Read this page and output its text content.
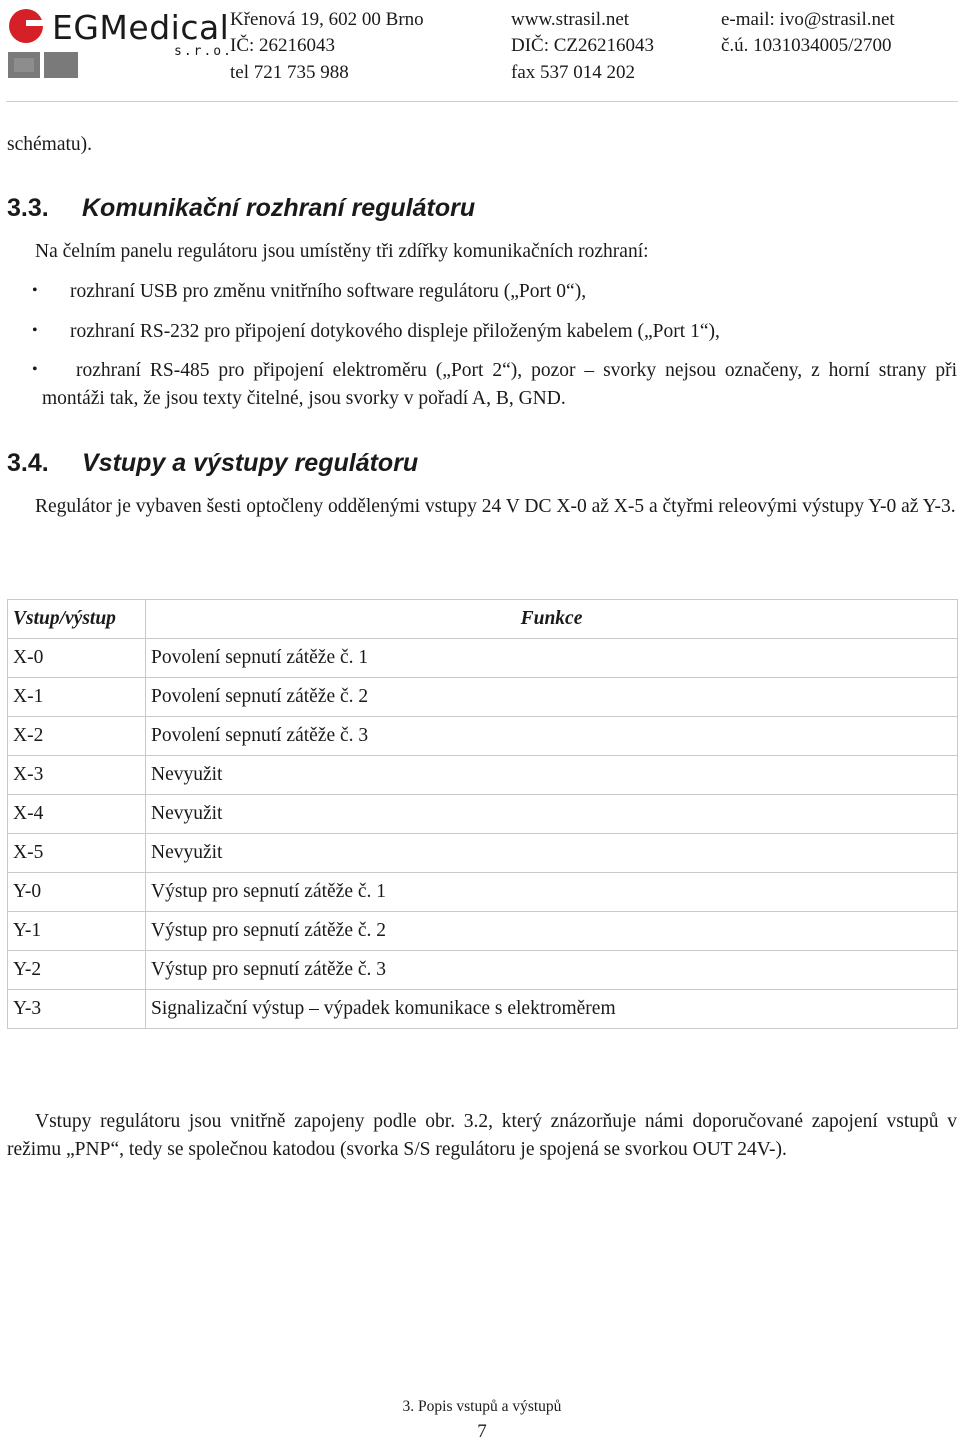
EGMedical
s.r.o.
Křenová 19, 602 00 Brno
IČ: 26216043
tel 721 735 988
www.strasil.net
DIČ: CZ26216043
fax 537 014 202
e-mail: ivo@strasil.net
č.ú. 1031034005/2700
schématu).
3.3. Komunikační rozhraní regulátoru
Na čelním panelu regulátoru jsou umístěny tři zdířky komunikačních rozhraní:
• rozhraní USB pro změnu vnitřního software regulátoru („Port 0“),
• rozhraní RS-232 pro připojení dotykového displeje přiloženým kabelem („Port 1“),
•	rozhraní RS-485 pro připojení elektroměru („Port 2“), pozor – svorky nejsou označeny, z horní strany při montáži tak, že jsou texty čitelné, jsou svorky v pořadí A, B, GND.
3.4. Vstupy a výstupy regulátoru
Regulátor je vybaven šesti optočleny oddělenými vstupy 24 V DC X-0 až X-5 a čtyřmi releovými výstupy Y-0 až Y-3.
Vstup/výstup	Funkce
X-0	Povolení sepnutí zátěže č. 1
X-1	Povolení sepnutí zátěže č. 2
X-2	Povolení sepnutí zátěže č. 3
X-3	Nevyužit
X-4	Nevyužit
X-5	Nevyužit
Y-0	Výstup pro sepnutí zátěže č. 1
Y-1	Výstup pro sepnutí zátěže č. 2
Y-2	Výstup pro sepnutí zátěže č. 3
Y-3	Signalizační výstup – výpadek komunikace s elektroměrem
Vstupy regulátoru jsou vnitřně zapojeny podle obr. 3.2, který znázorňuje námi doporučované zapojení vstupů v režimu „PNP“, tedy se společnou katodou (svorka S/S regulátoru je spojená se svorkou OUT 24V-).
3. Popis vstupů a výstupů
7
